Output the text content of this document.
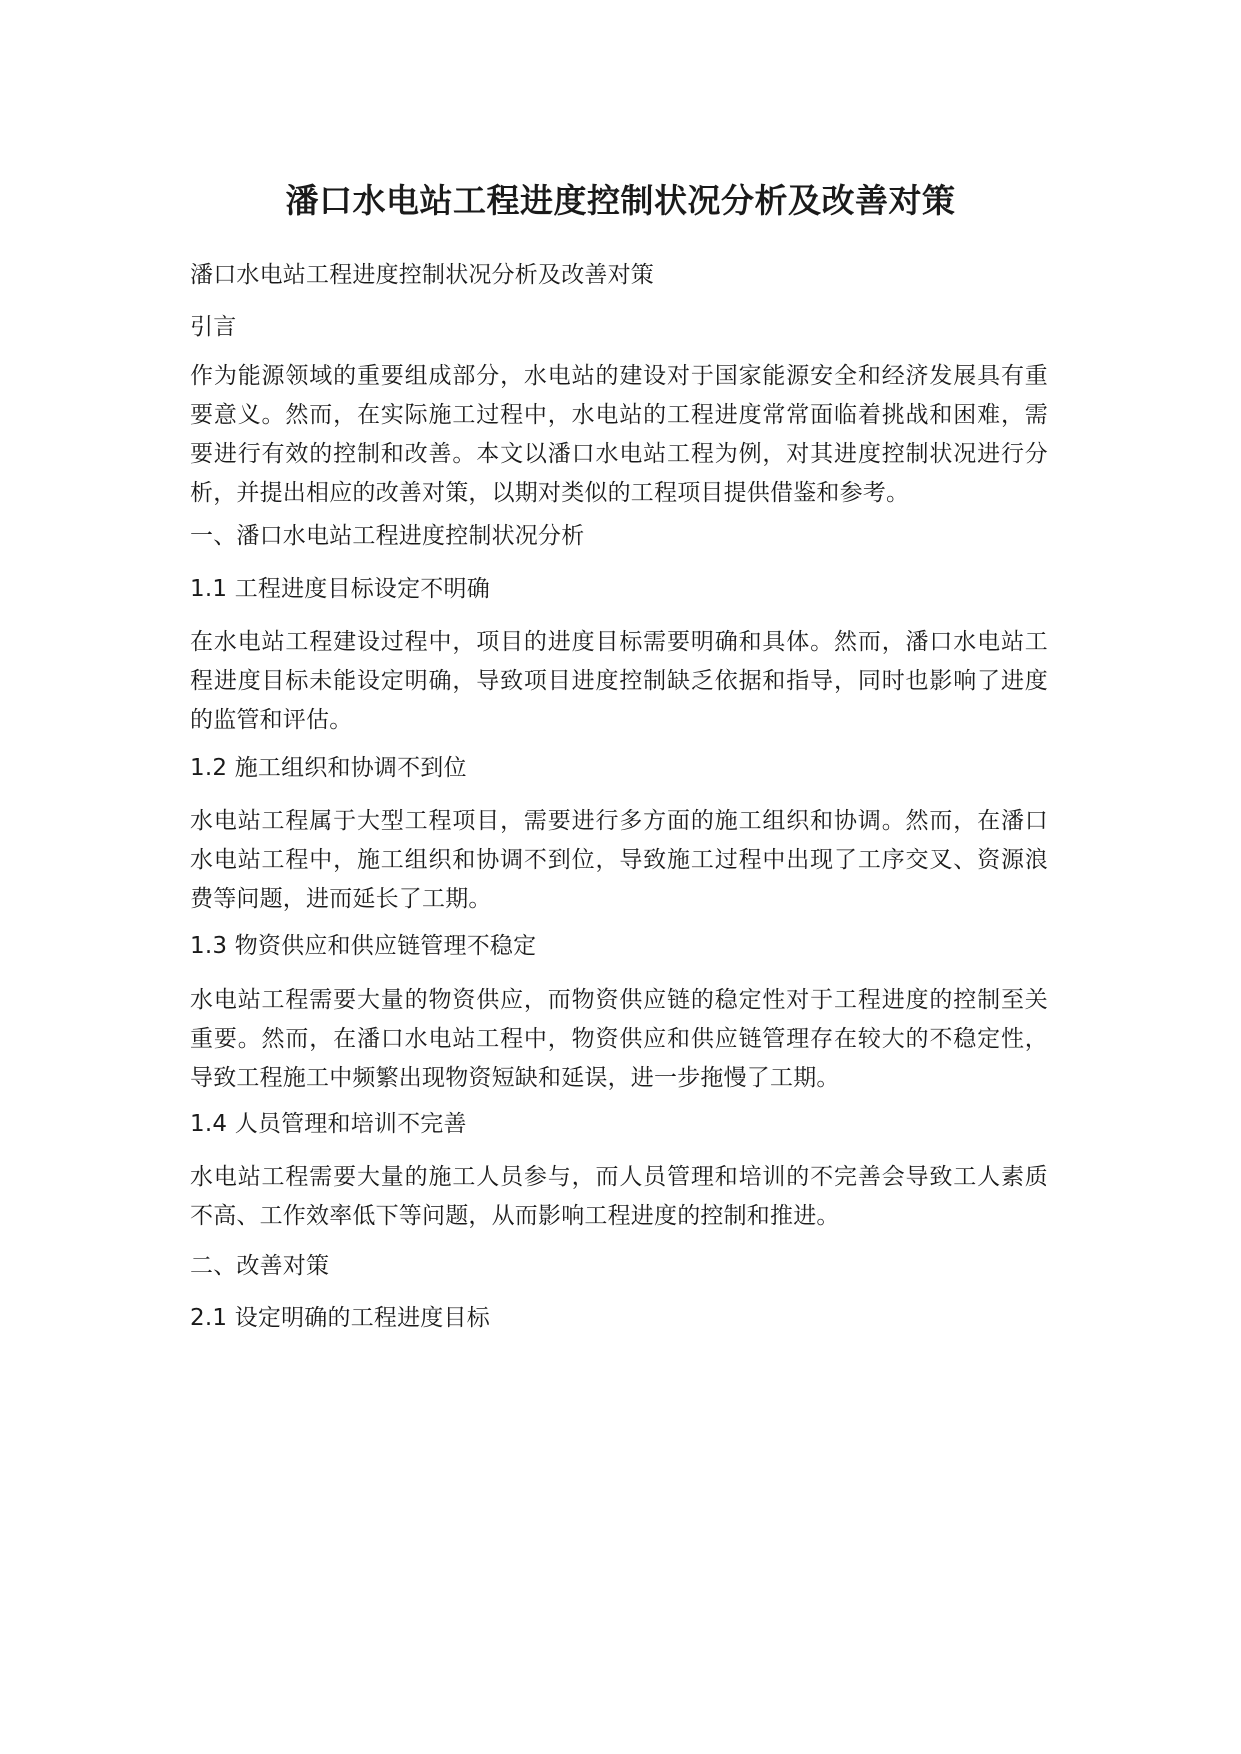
潘口水电站工程进度控制状况分析及改善对策

潘口水电站工程进度控制状况分析及改善对策

引言

作为能源领域的重要组成部分，水电站的建设对于国家能源安全和经济发展具有重要意义。然而，在实际施工过程中，水电站的工程进度常常面临着挑战和困难，需要进行有效的控制和改善。本文以潘口水电站工程为例，对其进度控制状况进行分析，并提出相应的改善对策，以期对类似的工程项目提供借鉴和参考。

一、潘口水电站工程进度控制状况分析

1.1 工程进度目标设定不明确

在水电站工程建设过程中，项目的进度目标需要明确和具体。然而，潘口水电站工程进度目标未能设定明确，导致项目进度控制缺乏依据和指导，同时也影响了进度的监管和评估。

1.2 施工组织和协调不到位

水电站工程属于大型工程项目，需要进行多方面的施工组织和协调。然而，在潘口水电站工程中，施工组织和协调不到位，导致施工过程中出现了工序交叉、资源浪费等问题，进而延长了工期。

1.3 物资供应和供应链管理不稳定

水电站工程需要大量的物资供应，而物资供应链的稳定性对于工程进度的控制至关重要。然而，在潘口水电站工程中，物资供应和供应链管理存在较大的不稳定性，导致工程施工中频繁出现物资短缺和延误，进一步拖慢了工期。

1.4 人员管理和培训不完善

水电站工程需要大量的施工人员参与，而人员管理和培训的不完善会导致工人素质不高、工作效率低下等问题，从而影响工程进度的控制和推进。

二、改善对策

2.1 设定明确的工程进度目标
